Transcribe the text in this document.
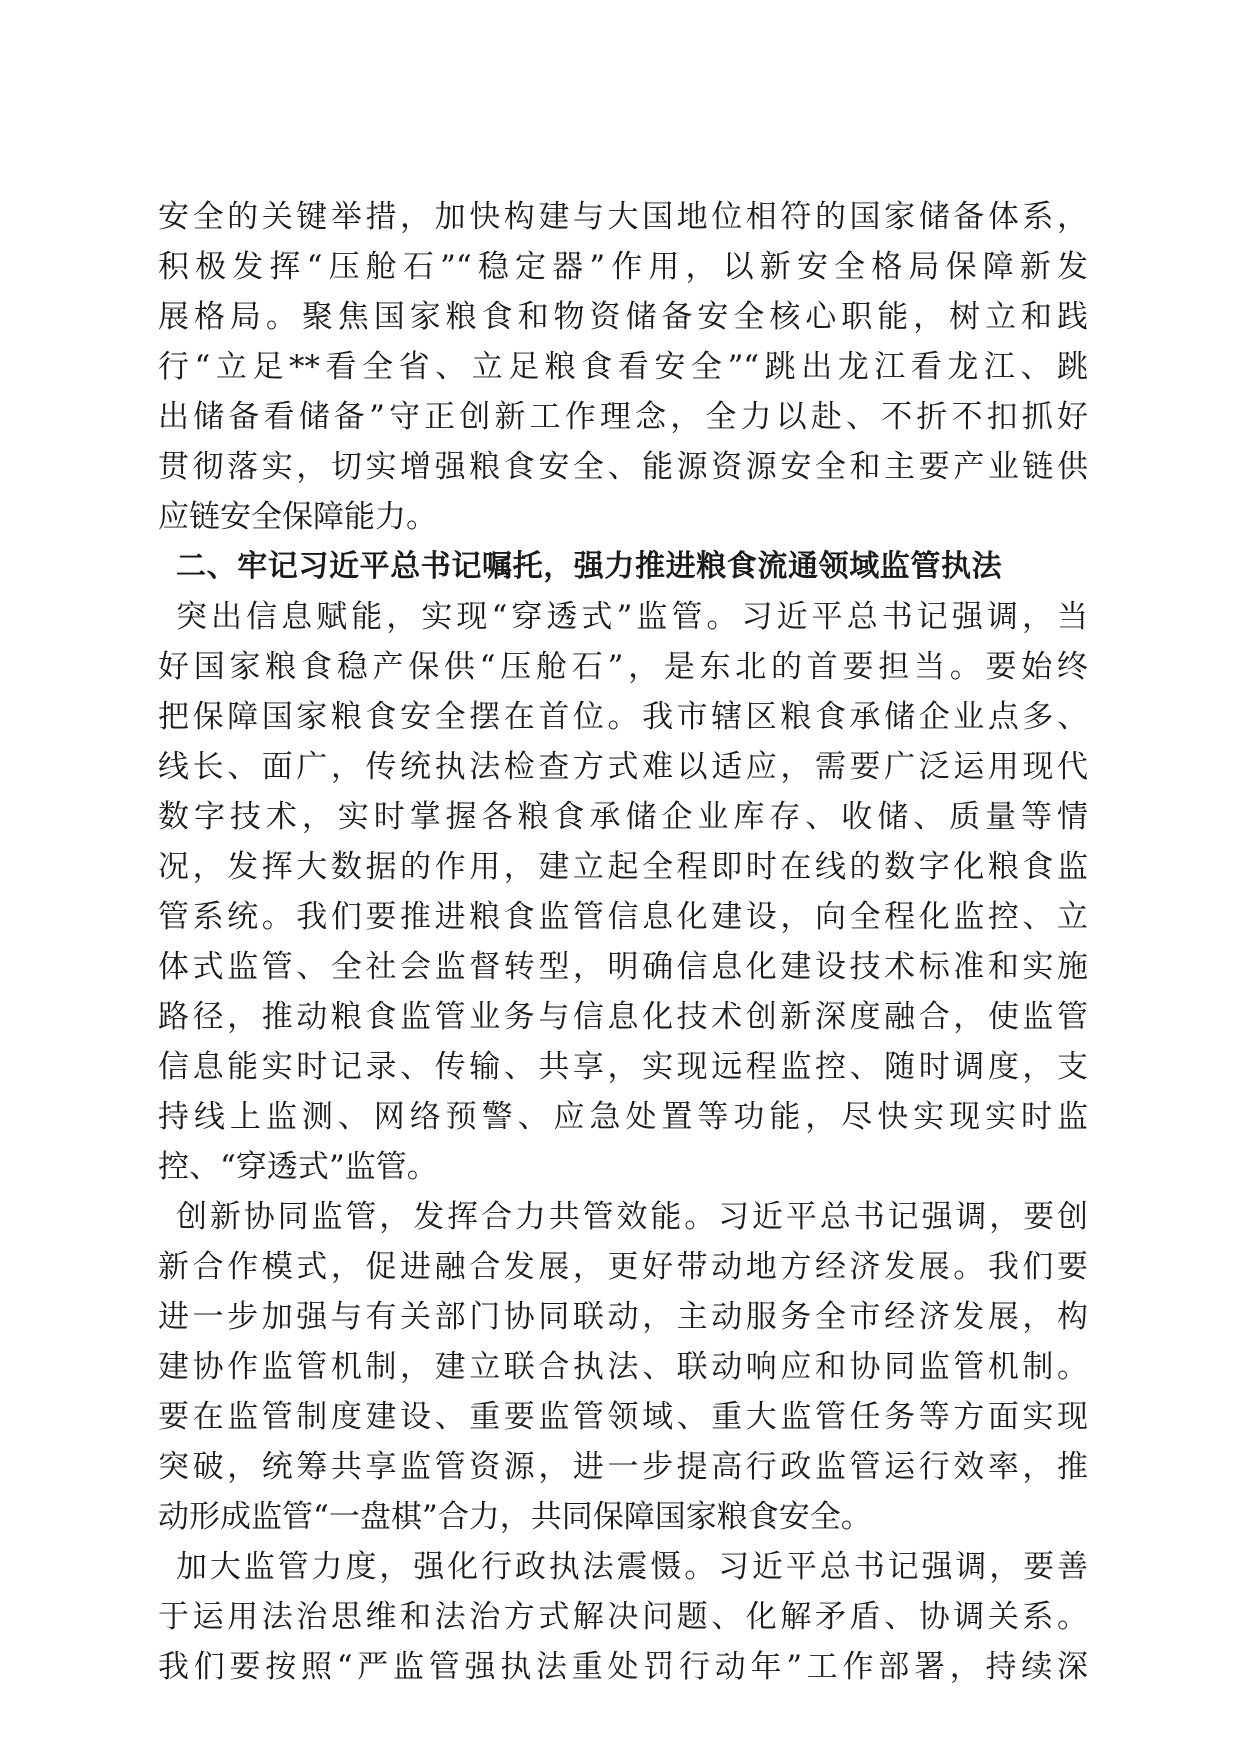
安全的关键举措，加快构建与大国地位相符的国家储备体系，
积极发挥“压舱石”“稳定器”作用，以新安全格局保障新发
展格局。聚焦国家粮食和物资储备安全核心职能，树立和践
行“立足**看全省、立足粮食看安全”“跳出龙江看龙江、跳
出储备看储备”守正创新工作理念，全力以赴、不折不扣抓好
贯彻落实，切实增强粮食安全、能源资源安全和主要产业链供
应链安全保障能力。
二、牢记习近平总书记嘱托，强力推进粮食流通领域监管执法
突出信息赋能，实现“穿透式”监管。习近平总书记强调，当
好国家粮食稳产保供“压舱石”，是东北的首要担当。要始终
把保障国家粮食安全摆在首位。我市辖区粮食承储企业点多、
线长、面广，传统执法检查方式难以适应，需要广泛运用现代
数字技术，实时掌握各粮食承储企业库存、收储、质量等情
况，发挥大数据的作用，建立起全程即时在线的数字化粮食监
管系统。我们要推进粮食监管信息化建设，向全程化监控、立
体式监管、全社会监督转型，明确信息化建设技术标准和实施
路径，推动粮食监管业务与信息化技术创新深度融合，使监管
信息能实时记录、传输、共享，实现远程监控、随时调度，支
持线上监测、网络预警、应急处置等功能，尽快实现实时监
控、“穿透式”监管。
创新协同监管，发挥合力共管效能。习近平总书记强调，要创
新合作模式，促进融合发展，更好带动地方经济发展。我们要
进一步加强与有关部门协同联动，主动服务全市经济发展，构
建协作监管机制，建立联合执法、联动响应和协同监管机制。
要在监管制度建设、重要监管领域、重大监管任务等方面实现
突破，统筹共享监管资源，进一步提高行政监管运行效率，推
动形成监管“一盘棋”合力，共同保障国家粮食安全。
加大监管力度，强化行政执法震慑。习近平总书记强调，要善
于运用法治思维和法治方式解决问题、化解矛盾、协调关系。
我们要按照“严监管强执法重处罚行动年”工作部署，持续深
